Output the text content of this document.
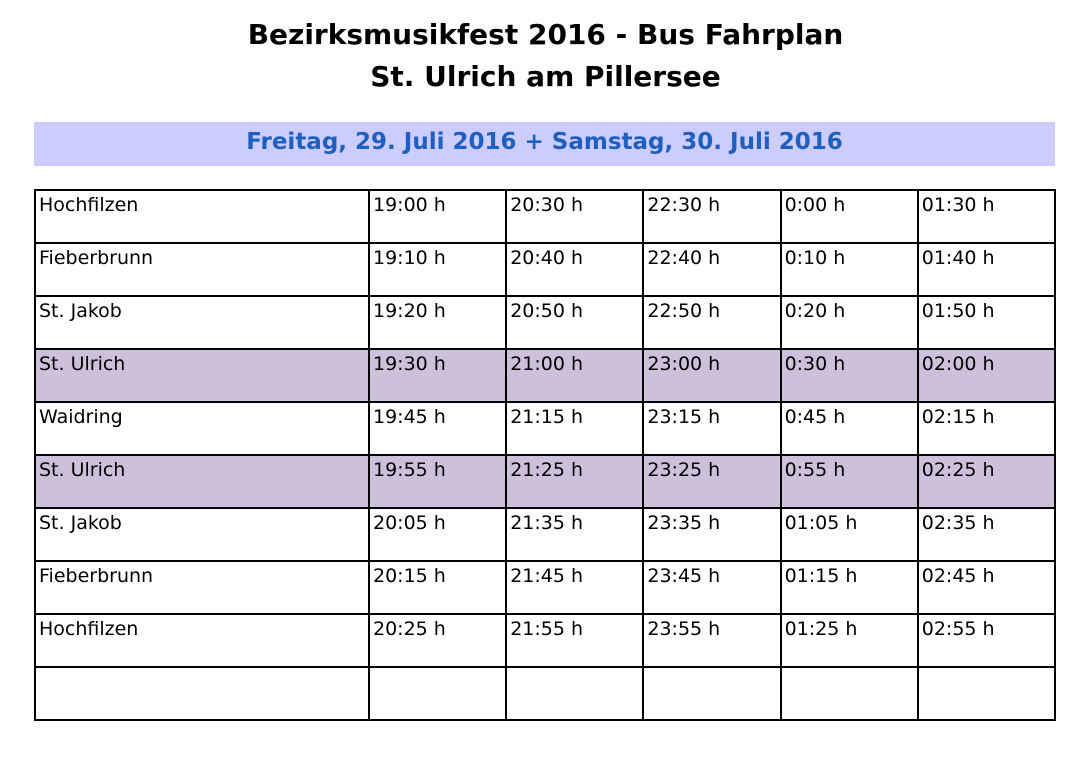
Bezirksmusikfest 2016 - Bus Fahrplan
St. Ulrich am Pillersee
Freitag, 29. Juli 2016 + Samstag, 30. Juli 2016
Hochfilzen	19:00 h	20:30 h	22:30 h	0:00 h	01:30 h
Fieberbrunn	19:10 h	20:40 h	22:40 h	0:10 h	01:40 h
St. Jakob	19:20 h	20:50 h	22:50 h	0:20 h	01:50 h
St. Ulrich	19:30 h	21:00 h	23:00 h	0:30 h	02:00 h
Waidring	19:45 h	21:15 h	23:15 h	0:45 h	02:15 h
St. Ulrich	19:55 h	21:25 h	23:25 h	0:55 h	02:25 h
St. Jakob	20:05 h	21:35 h	23:35 h	01:05 h	02:35 h
Fieberbrunn	20:15 h	21:45 h	23:45 h	01:15 h	02:45 h
Hochfilzen	20:25 h	21:55 h	23:55 h	01:25 h	02:55 h
